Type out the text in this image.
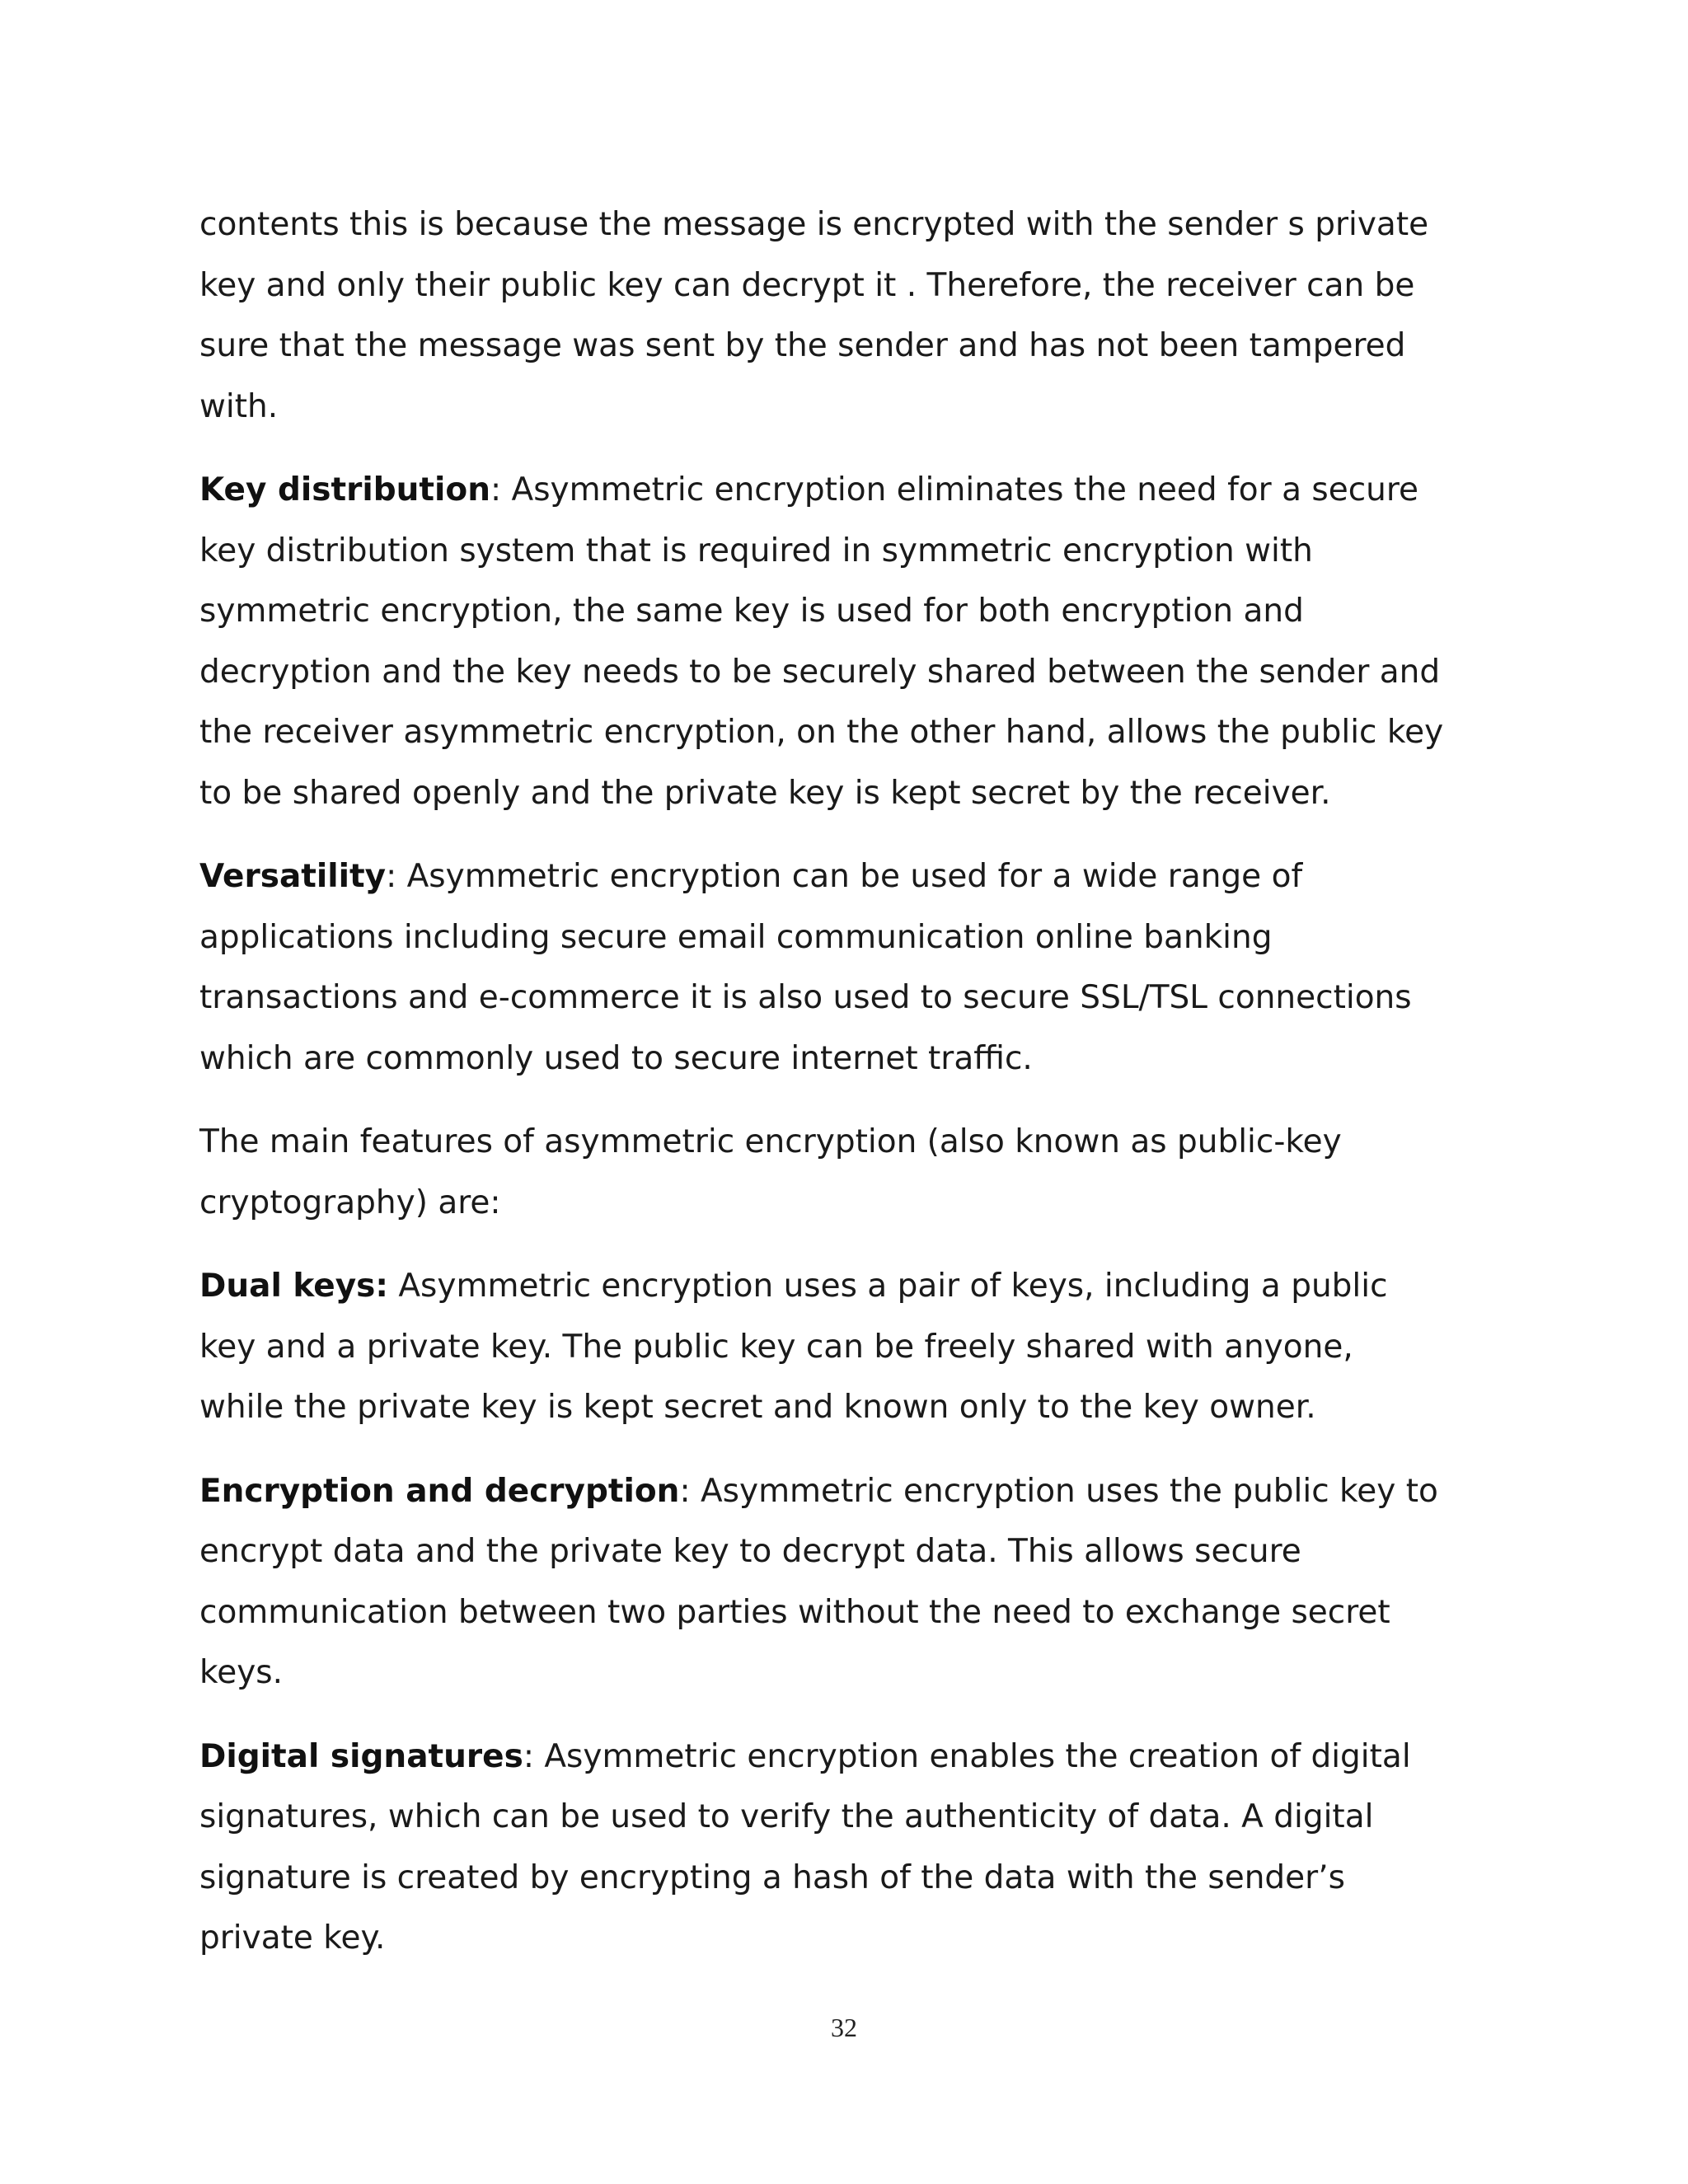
contents this is because the message is encrypted with the sender s private
key and only their public key can decrypt it . Therefore, the receiver can be
sure that the message was sent by the sender and has not been tampered
with.

Key distribution: Asymmetric encryption eliminates the need for a secure
key distribution system that is required in symmetric encryption with
symmetric encryption, the same key is used for both encryption and
decryption and the key needs to be securely shared between the sender and
the receiver asymmetric encryption, on the other hand, allows the public key
to be shared openly and the private key is kept secret by the receiver.

Versatility: Asymmetric encryption can be used for a wide range of
applications including secure email communication online banking
transactions and e-commerce it is also used to secure SSL/TSL connections
which are commonly used to secure internet traffic.

The main features of asymmetric encryption (also known as public-key
cryptography) are:

Dual keys: Asymmetric encryption uses a pair of keys, including a public
key and a private key. The public key can be freely shared with anyone,
while the private key is kept secret and known only to the key owner.

Encryption and decryption: Asymmetric encryption uses the public key to
encrypt data and the private key to decrypt data. This allows secure
communication between two parties without the need to exchange secret
keys.

Digital signatures: Asymmetric encryption enables the creation of digital
signatures, which can be used to verify the authenticity of data. A digital
signature is created by encrypting a hash of the data with the sender’s
private key.

32
